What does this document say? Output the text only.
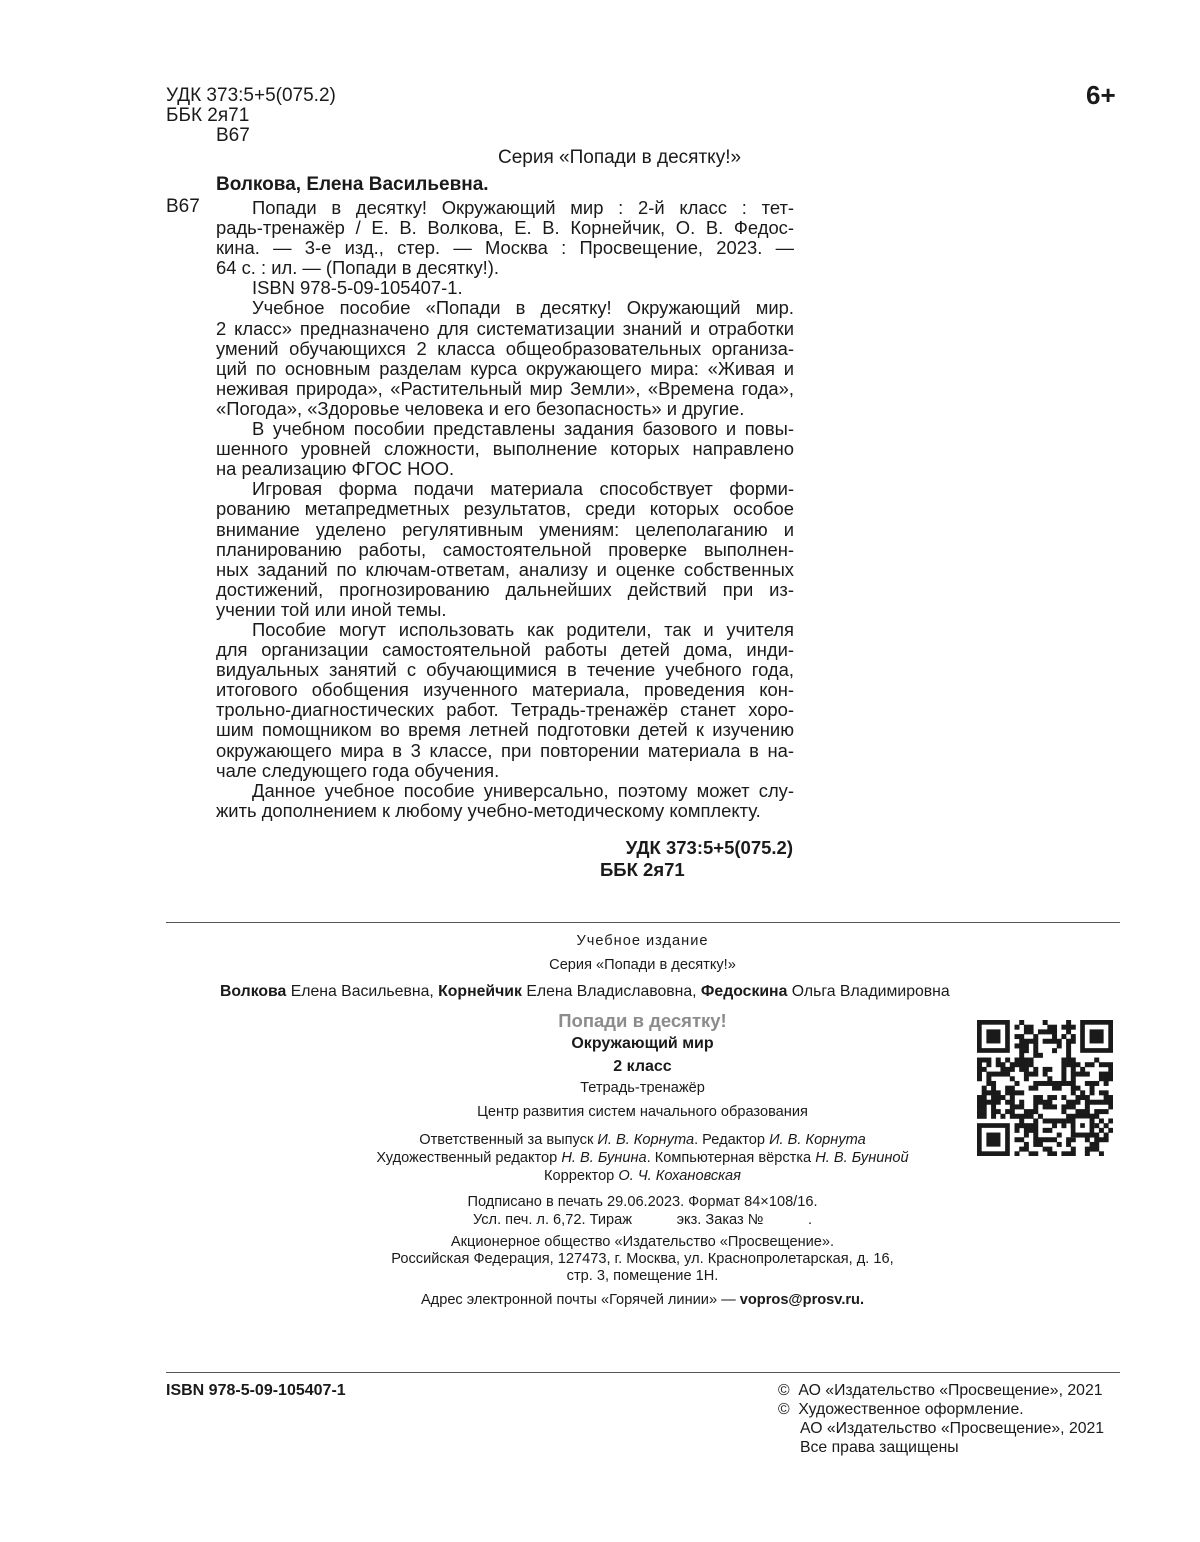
УДК 373:5+5(075.2)
ББК 2я71
В67
6+
Серия «Попади в десятку!»
Волкова, Елена Васильевна.
В67	Попади в десятку! Окружающий мир : 2-й класс : тет-
радь-тренажёр / Е. В. Волкова, Е. В. Корнейчик, О. В. Федос-
кина. — 3-е изд., стер. — Москва : Просвещение, 2023. —
64 с. : ил. — (Попади в десятку!).
ISBN 978-5-09-105407-1.
Учебное пособие «Попади в десятку! Окружающий мир.
2 класс» предназначено для систематизации знаний и отработки
умений обучающихся 2 класса общеобразовательных организа-
ций по основным разделам курса окружающего мира: «Живая и
неживая природа», «Растительный мир Земли», «Времена года»,
«Погода», «Здоровье человека и его безопасность» и другие.
В учебном пособии представлены задания базового и повы-
шенного уровней сложности, выполнение которых направлено
на реализацию ФГОС НОО.
Игровая форма подачи материала способствует форми-
рованию метапредметных результатов, среди которых особое
внимание уделено регулятивным умениям: целеполаганию и
планированию работы, самостоятельной проверке выполнен-
ных заданий по ключам-ответам, анализу и оценке собственных
достижений, прогнозированию дальнейших действий при из-
учении той или иной темы.
Пособие могут использовать как родители, так и учителя
для организации самостоятельной работы детей дома, инди-
видуальных занятий с обучающимися в течение учебного года,
итогового обобщения изученного материала, проведения кон-
трольно-диагностических работ. Тетрадь-тренажёр станет хоро-
шим помощником во время летней подготовки детей к изучению
окружающего мира в 3 классе, при повторении материала в на-
чале следующего года обучения.
Данное учебное пособие универсально, поэтому может слу-
жить дополнением к любому учебно-методическому комплекту.
УДК 373:5+5(075.2)
ББК 2я71
Учебное издание
Серия «Попади в десятку!»
Волкова Елена Васильевна, Корнейчик Елена Владиславовна, Федоскина Ольга Владимировна
Попади в десятку!
Окружающий мир
2 класс
Тетрадь-тренажёр
Центр развития систем начального образования
Ответственный за выпуск И. В. Корнута. Редактор И. В. Корнута
Художественный редактор Н. В. Бунина. Компьютерная вёрстка Н. В. Буниной
Корректор О. Ч. Кохановская
Подписано в печать 29.06.2023. Формат 84×108/16.
Усл. печ. л. 6,72. Тираж           экз. Заказ №           .
Акционерное общество «Издательство «Просвещение».
Российская Федерация, 127473, г. Москва, ул. Краснопролетарская, д. 16,
стр. 3, помещение 1Н.
Адрес электронной почты «Горячей линии» — vopros@prosv.ru.
ISBN 978-5-09-105407-1	©  АО «Издательство «Просвещение», 2021
©  Художественное оформление.
АО «Издательство «Просвещение», 2021
Все права защищены
